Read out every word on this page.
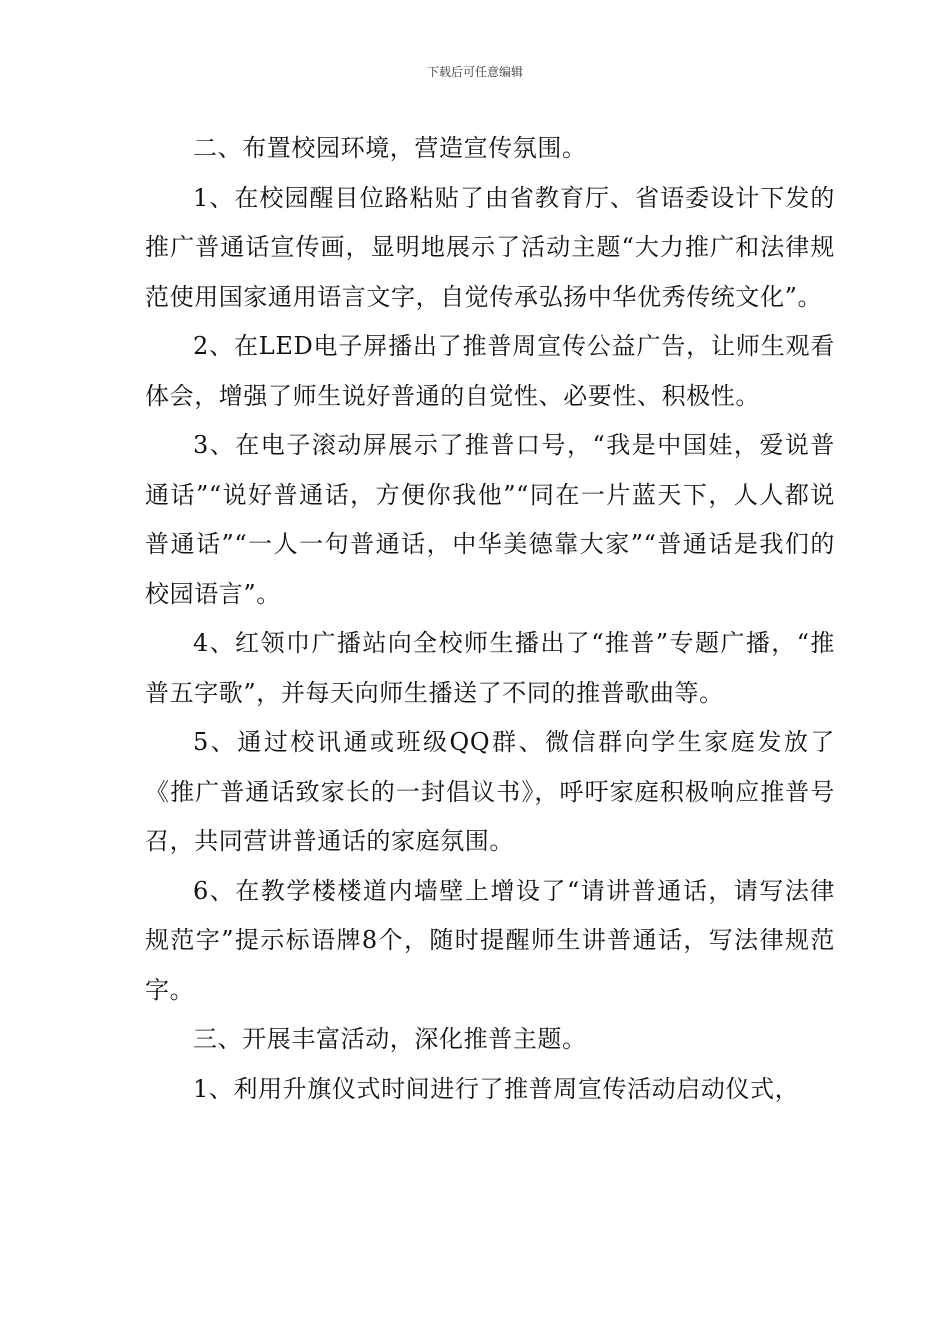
下载后可任意编辑

二、布置校园环境，营造宣传氛围。

1、在校园醒目位路粘贴了由省教育厅、省语委设计下发的推广普通话宣传画，显明地展示了活动主题“大力推广和法律规范使用国家通用语言文字，自觉传承弘扬中华优秀传统文化”。

2、在LED电子屏播出了推普周宣传公益广告，让师生观看体会，增强了师生说好普通的自觉性、必要性、积极性。

3、在电子滚动屏展示了推普口号，“我是中国娃，爱说普通话”“说好普通话，方便你我他”“同在一片蓝天下，人人都说普通话”“一人一句普通话，中华美德靠大家”“普通话是我们的校园语言”。

4、红领巾广播站向全校师生播出了“推普”专题广播，“推普五字歌”，并每天向师生播送了不同的推普歌曲等。

5、通过校讯通或班级QQ群、微信群向学生家庭发放了《推广普通话致家长的一封倡议书》，呼吁家庭积极响应推普号召，共同营讲普通话的家庭氛围。

6、在教学楼楼道内墙壁上增设了“请讲普通话，请写法律规范字”提示标语牌8个，随时提醒师生讲普通话，写法律规范字。

三、开展丰富活动，深化推普主题。

1、利用升旗仪式时间进行了推普周宣传活动启动仪式，
